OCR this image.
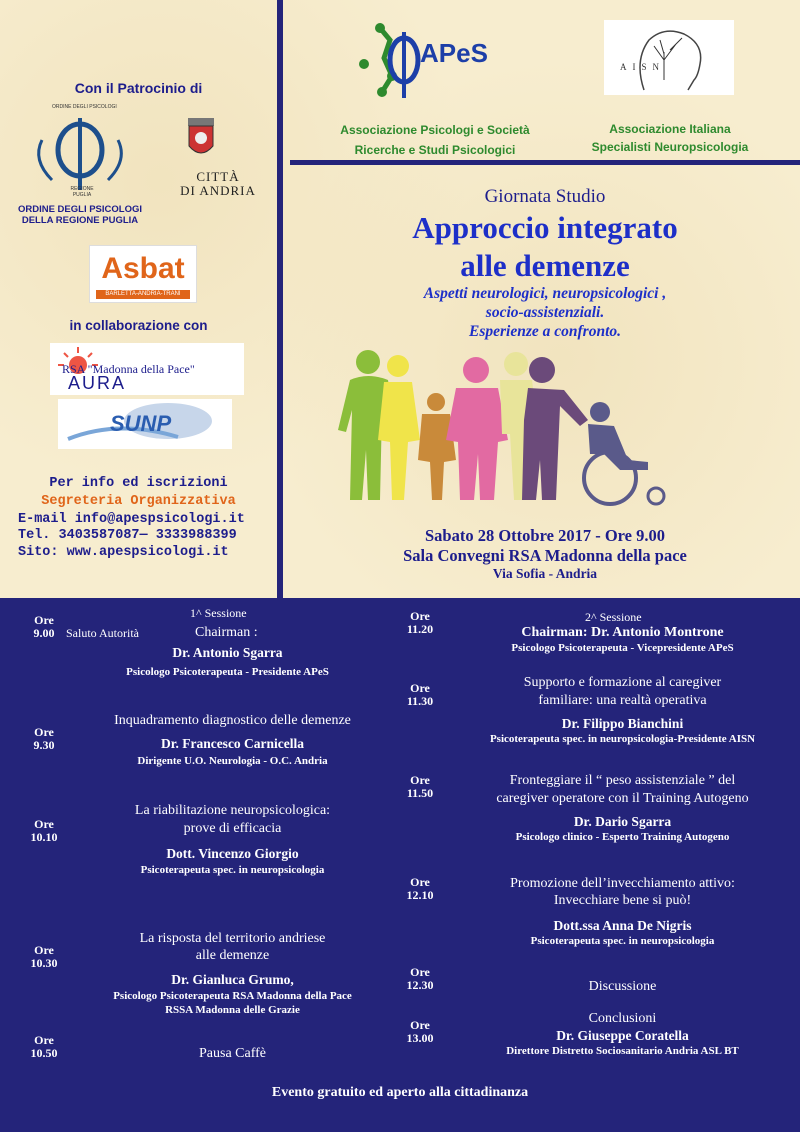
Con il Patrocinio di
ORDINE DEGLI PSICOLOGI
REGIONE PUGLIA
ORDINE DEGLI PSICOLOGI
DELLA REGIONE PUGLIA
CITTÀ
DI ANDRIA
Asbat
BARLETTA-ANDRIA-TRANI
in collaborazione con
RSA "Madonna della Pace"
AURA
SUNP
Per info ed iscrizioni
Segreteria Organizzativa
E-mail info@apespsicologi.it
Tel. 3403587087— 3333988399
Sito: www.apespsicologi.it
APeS	AISN
Associazione Psicologi e Società
Ricerche e Studi Psicologici
Associazione Italiana
Specialisti Neuropsicologia
Giornata Studio
Approccio integrato
alle demenze
Aspetti neurologici, neuropsicologici ,
socio-assistenziali.
Esperienze a confronto.
Sabato 28 Ottobre 2017 - Ore 9.00
Sala Convegni RSA Madonna della pace
Via Sofia - Andria
1^ Sessione
Ore
9.00 Saluto Autorità	Chairman :
Dr. Antonio Sgarra
Psicologo Psicoterapeuta - Presidente APeS
Ore
9.30
Inquadramento diagnostico delle demenze
Dr. Francesco Carnicella
Dirigente U.O. Neurologia - O.C. Andria
Ore
10.10
La riabilitazione neuropsicologica:
prove di efficacia
Dott. Vincenzo Giorgio
Psicoterapeuta spec. in neuropsicologia
Ore
10.30
La risposta del territorio andriese
alle demenze
Dr. Gianluca Grumo,
Psicologo Psicoterapeuta RSA Madonna della Pace
RSSA Madonna delle Grazie
Ore
10.50	Pausa Caffè
2^ Sessione
Ore
11.20	Chairman: Dr. Antonio Montrone
Psicologo Psicoterapeuta - Vicepresidente APeS
Ore
11.30
Supporto e formazione al caregiver
familiare: una realtà operativa
Dr. Filippo Bianchini
Psicoterapeuta spec. in neuropsicologia-Presidente AISN
Ore
11.50
Fronteggiare il “ peso assistenziale ” del
caregiver operatore con il Training Autogeno
Dr. Dario Sgarra
Psicologo clinico - Esperto Training Autogeno
Ore
12.10
Promozione dell’invecchiamento attivo:
Invecchiare bene si può!
Dott.ssa Anna De Nigris
Psicoterapeuta spec. in neuropsicologia
Ore
12.30	Discussione
Ore
13.00
Conclusioni
Dr. Giuseppe Coratella
Direttore Distretto Sociosanitario Andria ASL BT
Evento gratuito ed aperto alla cittadinanza
